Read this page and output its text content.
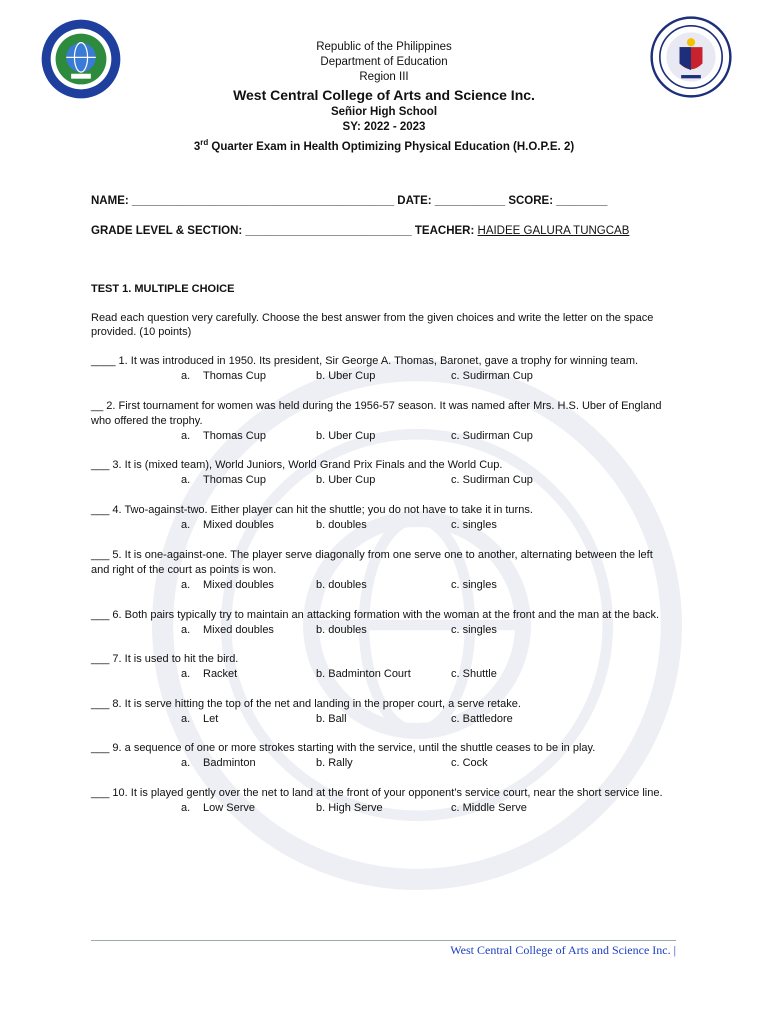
Republic of the Philippines
Department of Education
Region III
West Central College of Arts and Science Inc.
Señior High School
SY: 2022 - 2023
3rd Quarter Exam in Health Optimizing Physical Education (H.O.P.E. 2)
NAME: _________________________________________ DATE: ___________ SCORE: ________
GRADE LEVEL & SECTION: __________________________ TEACHER: HAIDEE GALURA TUNGCAB
TEST 1. MULTIPLE CHOICE
Read each question very carefully. Choose the best answer from the given choices and write the letter on the space provided. (10 points)
____ 1. It was introduced in 1950. Its president, Sir George A. Thomas, Baronet, gave a trophy for winning team.
a. Thomas Cup	b. Uber Cup	c. Sudirman Cup
__ 2. First tournament for women was held during the 1956-57 season. It was named after Mrs. H.S. Uber of England who offered the trophy.
a. Thomas Cup	b. Uber Cup	c. Sudirman Cup
___ 3. It is (mixed team), World Juniors, World Grand Prix Finals and the World Cup.
a. Thomas Cup	b. Uber Cup	c. Sudirman Cup
___ 4. Two-against-two. Either player can hit the shuttle; you do not have to take it in turns.
a. Mixed doubles	b. doubles	c. singles
___ 5. It is one-against-one. The player serve diagonally from one serve one to another, alternating between the left and right of the court as points is won.
a. Mixed doubles	b. doubles	c. singles
___ 6. Both pairs typically try to maintain an attacking formation with the woman at the front and the man at the back.
a. Mixed doubles	b. doubles	c. singles
___ 7. It is used to hit the bird.
a. Racket	b. Badminton Court	c. Shuttle
___ 8. It is serve hitting the top of the net and landing in the proper court, a serve retake.
a. Let	b. Ball	c. Battledore
___ 9. a sequence of one or more strokes starting with the service, until the shuttle ceases to be in play.
a. Badminton	b. Rally	c. Cock
___ 10. It is played gently over the net to land at the front of your opponent’s service court, near the short service line.
a. Low Serve	b. High Serve	c. Middle Serve
West Central College of Arts and Science Inc. |
